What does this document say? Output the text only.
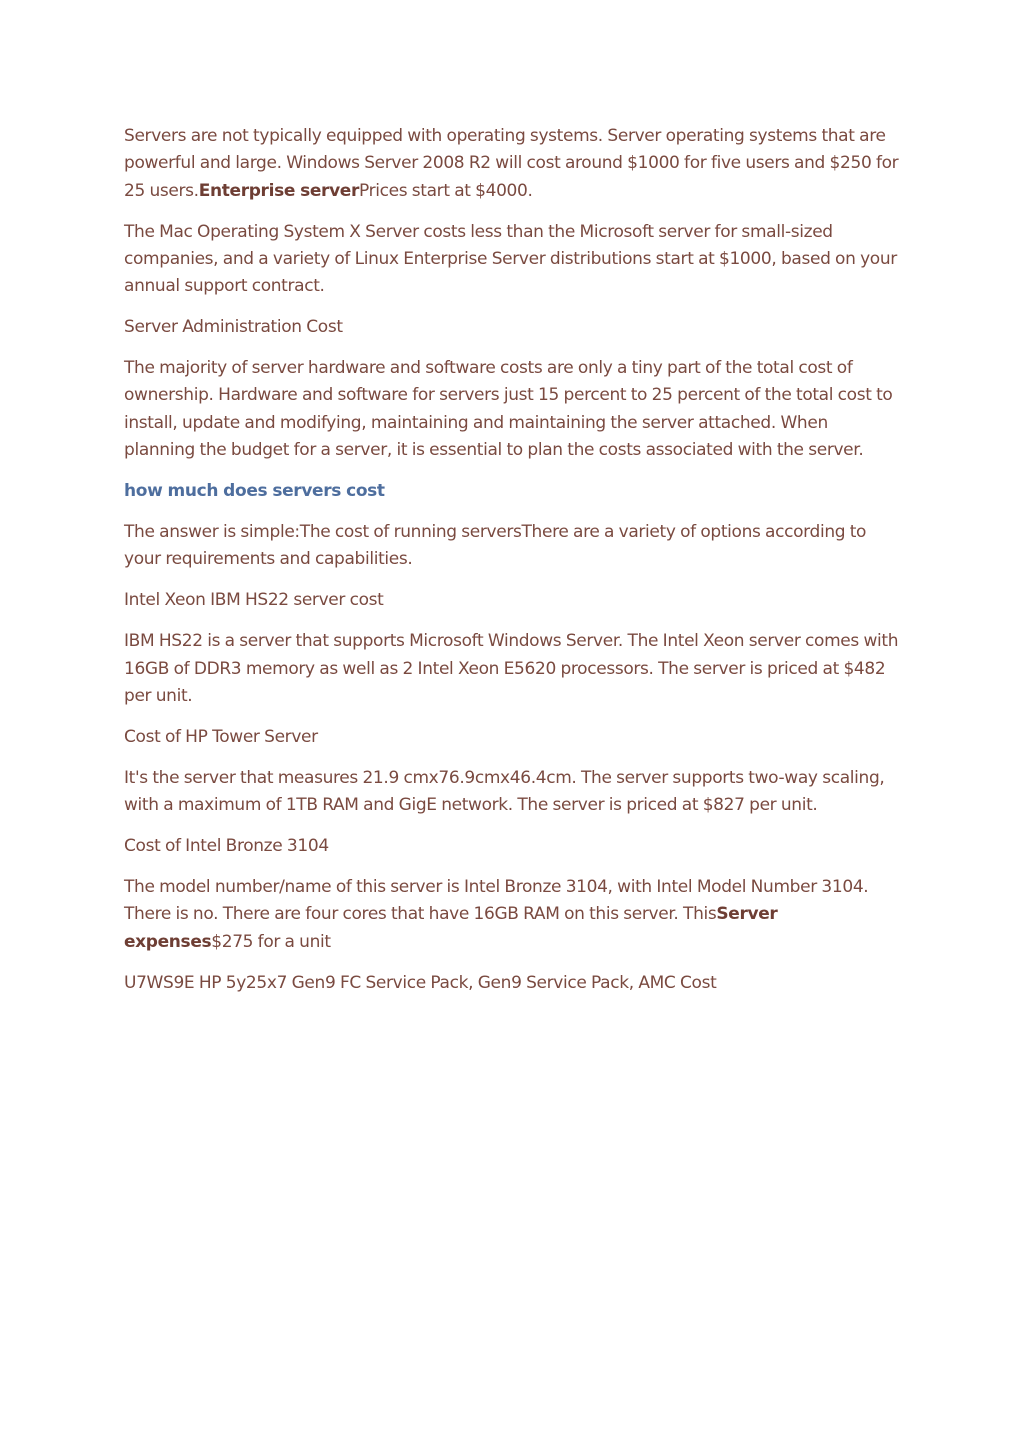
Servers are not typically equipped with operating systems. Server operating systems that are powerful and large. Windows Server 2008 R2 will cost around $1000 for five users and $250 for 25 users.Enterprise serverPrices start at $4000.

The Mac Operating System X Server costs less than the Microsoft server for small-sized companies, and a variety of Linux Enterprise Server distributions start at $1000, based on your annual support contract.

Server Administration Cost

The majority of server hardware and software costs are only a tiny part of the total cost of ownership. Hardware and software for servers just 15 percent to 25 percent of the total cost to install, update and modifying, maintaining and maintaining the server attached. When planning the budget for a server, it is essential to plan the costs associated with the server.

how much does servers cost

The answer is simple:The cost of running serversThere are a variety of options according to your requirements and capabilities.

Intel Xeon IBM HS22 server cost

IBM HS22 is a server that supports Microsoft Windows Server. The Intel Xeon server comes with 16GB of DDR3 memory as well as 2 Intel Xeon E5620 processors. The server is priced at $482 per unit.

Cost of HP Tower Server

It's the server that measures 21.9 cmx76.9cmx46.4cm. The server supports two-way scaling, with a maximum of 1TB RAM and GigE network. The server is priced at $827 per unit.

Cost of Intel Bronze 3104

The model number/name of this server is Intel Bronze 3104, with Intel Model Number 3104. There is no. There are four cores that have 16GB RAM on this server. ThisServer expenses$275 for a unit

U7WS9E HP 5y25x7 Gen9 FC Service Pack, Gen9 Service Pack, AMC Cost
